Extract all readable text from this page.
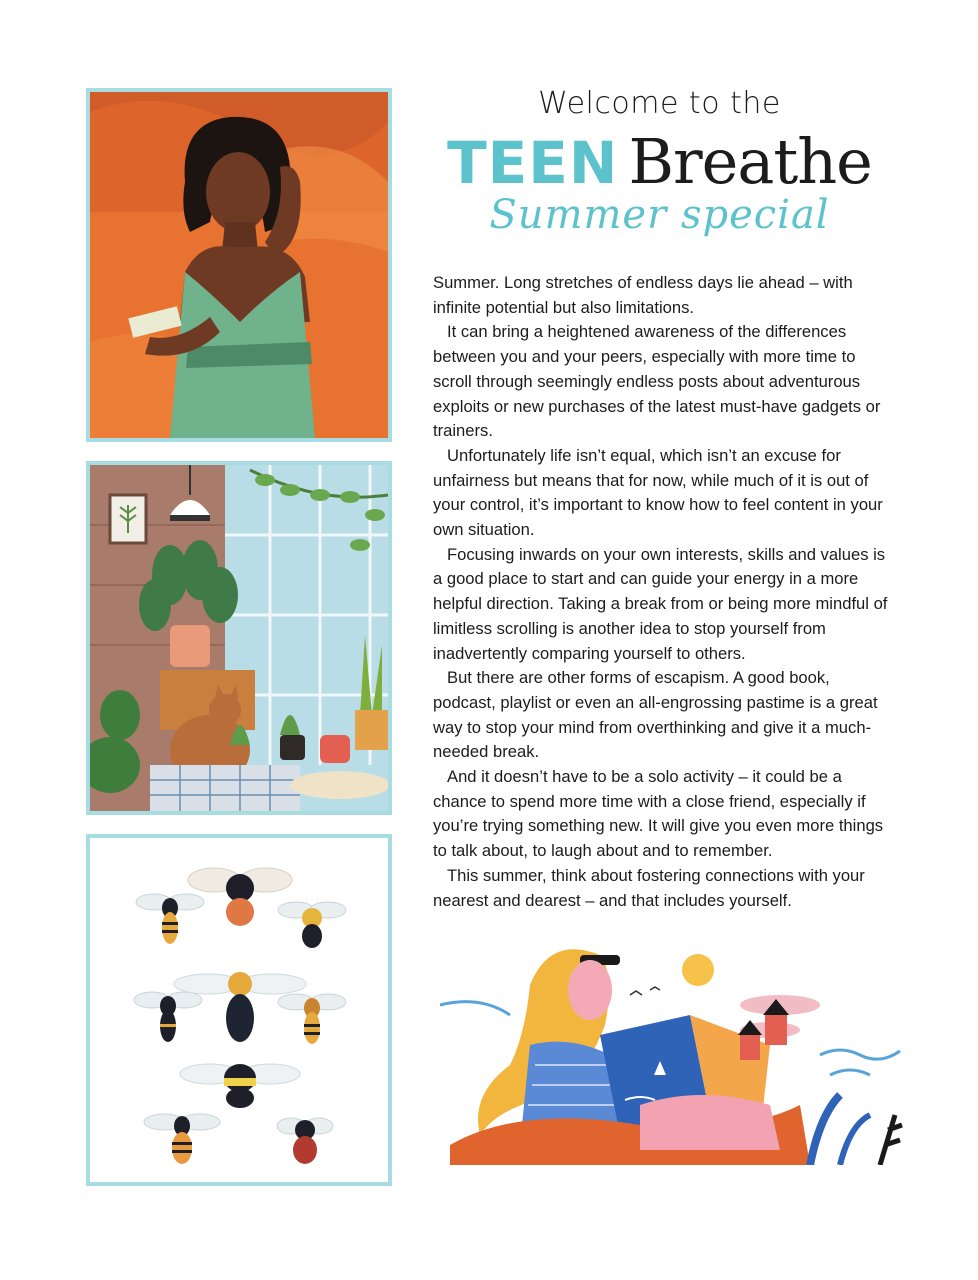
Welcome to the
TEEN Breathe
Summer special

Summer. Long stretches of endless days lie ahead – with infinite potential but also limitations.

It can bring a heightened awareness of the differences between you and your peers, especially with more time to scroll through seemingly endless posts about adventurous exploits or new purchases of the latest must-have gadgets or trainers.

Unfortunately life isn’t equal, which isn’t an excuse for unfairness but means that for now, while much of it is out of your control, it’s important to know how to feel content in your own situation.

Focusing inwards on your own interests, skills and values is a good place to start and can guide your energy in a more helpful direction. Taking a break from or being more mindful of limitless scrolling is another idea to stop yourself from inadvertently comparing yourself to others.

But there are other forms of escapism. A good book, podcast, playlist or even an all-engrossing pastime is a great way to stop your mind from overthinking and give it a much-needed break.

And it doesn’t have to be a solo activity – it could be a chance to spend more time with a close friend, especially if you’re trying something new. It will give you even more things to talk about, to laugh about and to remember.

This summer, think about fostering connections with your nearest and dearest – and that includes yourself.
